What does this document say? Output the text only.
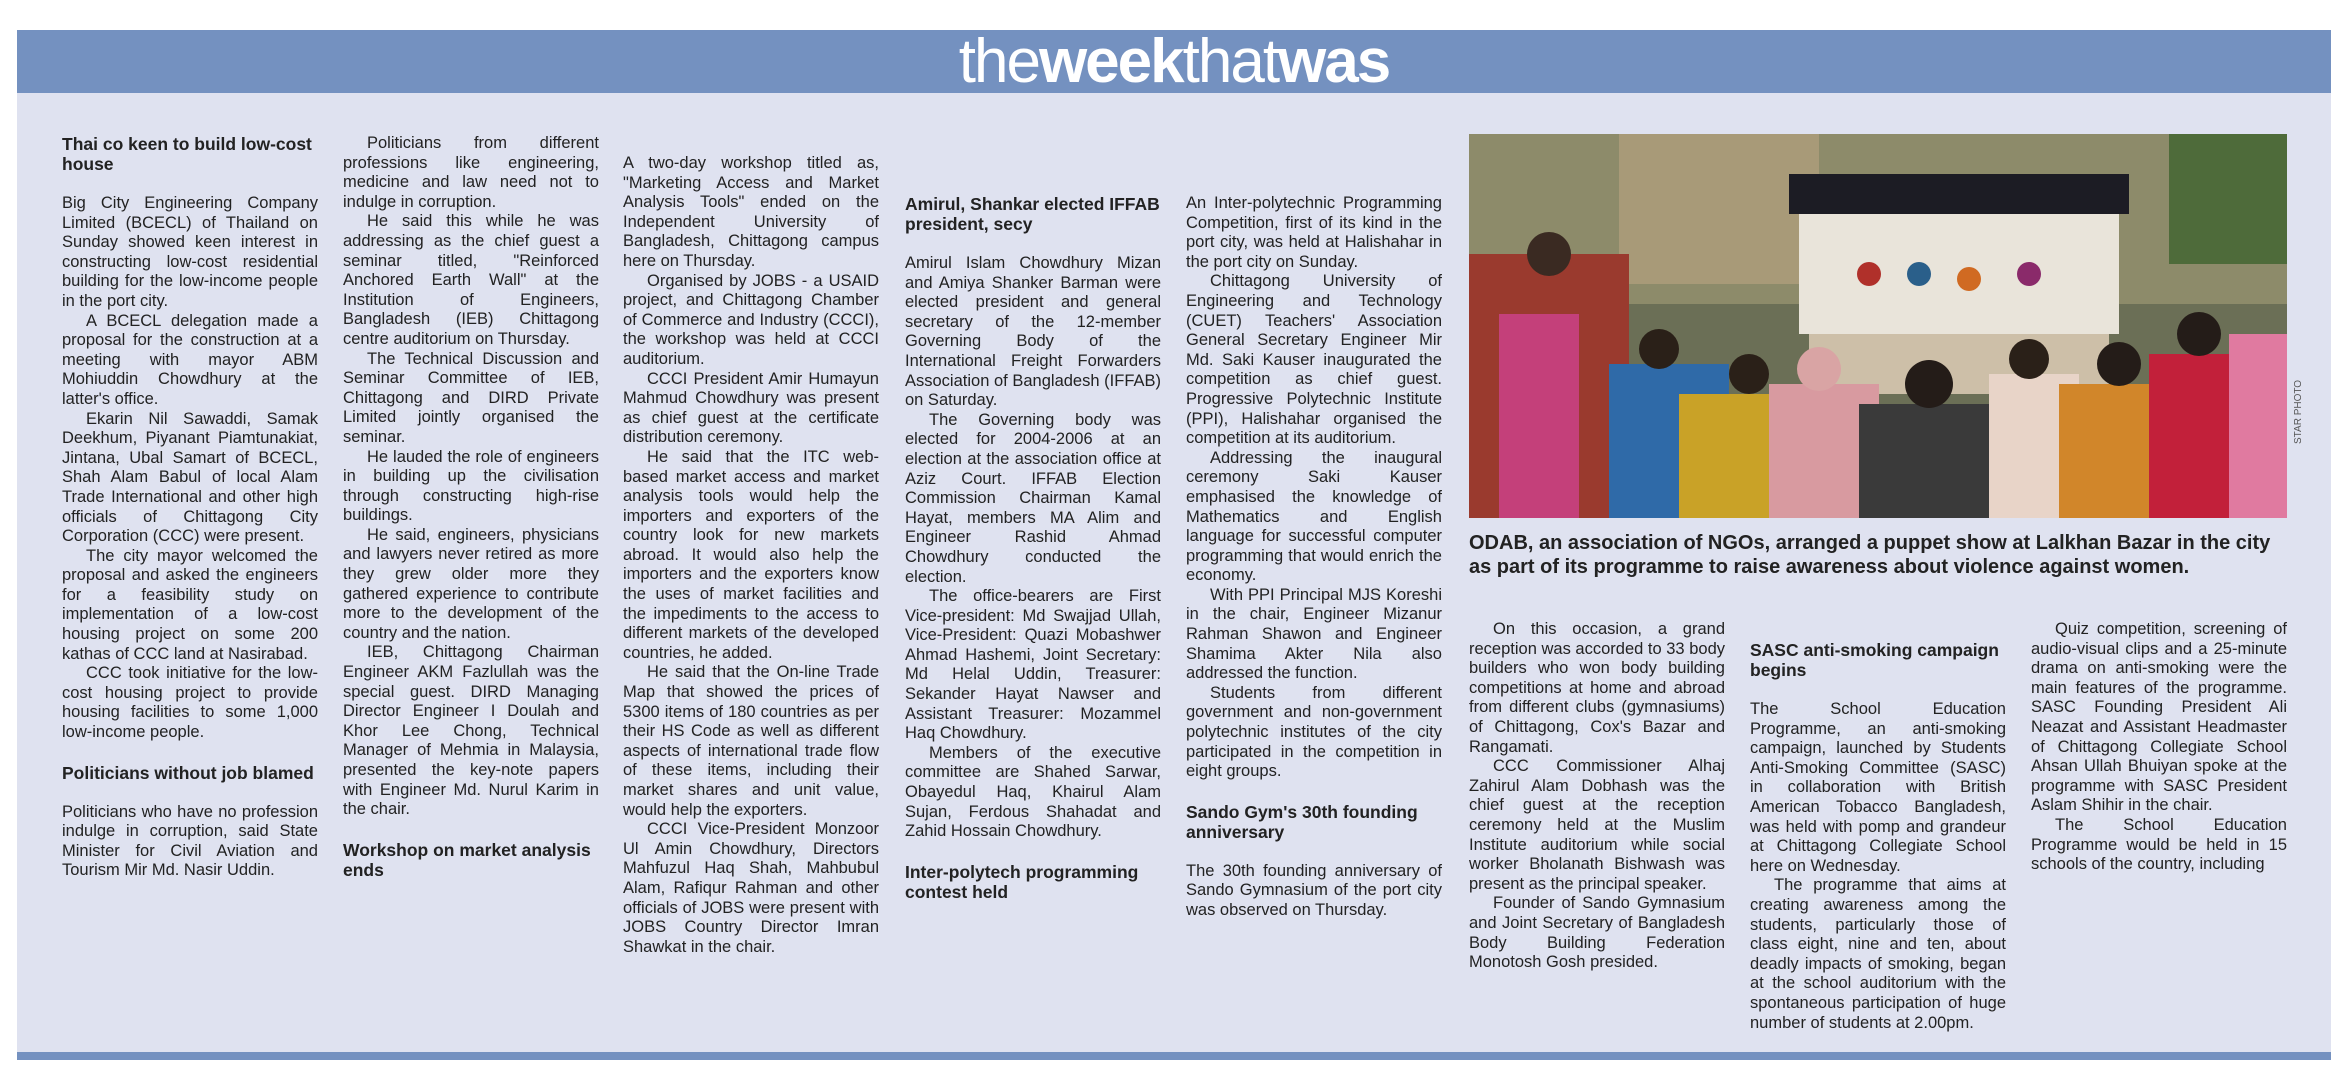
theweekthatwas
Thai co keen to build low-cost house

Big City Engineering Company Limited (BCECL) of Thailand on Sunday showed keen interest in constructing low-cost residential building for the low-income people in the port city.

A BCECL delegation made a proposal for the construction at a meeting with mayor ABM Mohiuddin Chowdhury at the latter's office.

Ekarin Nil Sawaddi, Samak Deekhum, Piyanant Piamtunakiat, Jintana, Ubal Samart of BCECL, Shah Alam Babul of local Alam Trade International and other high officials of Chittagong City Corporation (CCC) were present.

The city mayor welcomed the proposal and asked the engineers for a feasibility study on implementation of a low-cost housing project on some 200 kathas of CCC land at Nasirabad.

CCC took initiative for the low-cost housing project to provide housing facilities to some 1,000 low-income people.

Politicians without job blamed

Politicians who have no profession indulge in corruption, said State Minister for Civil Aviation and Tourism Mir Md. Nasir Uddin.

Politicians from different professions like engineering, medicine and law need not to indulge in corruption.

He said this while he was addressing as the chief guest a seminar titled, "Reinforced Anchored Earth Wall" at the Institution of Engineers, Bangladesh (IEB) Chittagong centre auditorium on Thursday.

The Technical Discussion and Seminar Committee of IEB, Chittagong and DIRD Private Limited jointly organised the seminar.

He lauded the role of engineers in building up the civilisation through constructing high-rise buildings.

He said, engineers, physicians and lawyers never retired as more they grew older more they gathered experience to contribute more to the development of the country and the nation.

IEB, Chittagong Chairman Engineer AKM Fazlullah was the special guest. DIRD Managing Director Engineer I Doulah and Khor Lee Chong, Technical Manager of Mehmia in Malaysia, presented the key-note papers with Engineer Md. Nurul Karim in the chair.

Workshop on market analysis ends

A two-day workshop titled as, "Marketing Access and Market Analysis Tools" ended on the Independent University of Bangladesh, Chittagong campus here on Thursday.

Organised by JOBS - a USAID project, and Chittagong Chamber of Commerce and Industry (CCCI), the workshop was held at CCCI auditorium.

CCCI President Amir Humayun Mahmud Chowdhury was present as chief guest at the certificate distribution ceremony.

He said that the ITC web-based market access and market analysis tools would help the importers and exporters of the country look for new markets abroad. It would also help the importers and the exporters know the uses of market facilities and the impediments to the access to different markets of the developed countries, he added.

He said that the On-line Trade Map that showed the prices of 5300 items of 180 countries as per their HS Code as well as different aspects of international trade flow of these items, including their market shares and unit value, would help the exporters.

CCCI Vice-President Monzoor Ul Amin Chowdhury, Directors Mahfuzul Haq Shah, Mahbubul Alam, Rafiqur Rahman and other officials of JOBS were present with JOBS Country Director Imran Shawkat in the chair.

Amirul, Shankar elected IFFAB president, secy

Amirul Islam Chowdhury Mizan and Amiya Shanker Barman were elected president and general secretary of the 12-member Governing Body of the International Freight Forwarders Association of Bangladesh (IFFAB) on Saturday.

The Governing body was elected for 2004-2006 at an election at the association office at Aziz Court. IFFAB Election Commission Chairman Kamal Hayat, members MA Alim and Engineer Rashid Ahmad Chowdhury conducted the election.

The office-bearers are First Vice-president: Md Swajjad Ullah, Vice-President: Quazi Mobashwer Ahmad Hashemi, Joint Secretary: Md Helal Uddin, Treasurer: Sekander Hayat Nawser and Assistant Treasurer: Mozammel Haq Chowdhury.

Members of the executive committee are Shahed Sarwar, Obayedul Haq, Khairul Alam Sujan, Ferdous Shahadat and Zahid Hossain Chowdhury.

Inter-polytech programming contest held

An Inter-polytechnic Programming Competition, first of its kind in the port city, was held at Halishahar in the port city on Sunday.

Chittagong University of Engineering and Technology (CUET) Teachers' Association General Secretary Engineer Mir Md. Saki Kauser inaugurated the competition as chief guest. Progressive Polytechnic Institute (PPI), Halishahar organised the competition at its auditorium.

Addressing the inaugural ceremony Saki Kauser emphasised the knowledge of Mathematics and English language for successful computer programming that would enrich the economy.

With PPI Principal MJS Koreshi in the chair, Engineer Mizanur Rahman Shawon and Engineer Shamima Akter Nila also addressed the function.

Students from different government and non-government polytechnic institutes of the city participated in the competition in eight groups.

Sando Gym's 30th founding anniversary

The 30th founding anniversary of Sando Gymnasium of the port city was observed on Thursday.

STAR PHOTO
ODAB, an association of NGOs, arranged a puppet show at Lalkhan Bazar in the city as part of its programme to raise awareness about violence against women.

On this occasion, a grand reception was accorded to 33 body builders who won body building competitions at home and abroad from different clubs (gymnasiums) of Chittagong, Cox's Bazar and Rangamati.

CCC Commissioner Alhaj Zahirul Alam Dobhash was the chief guest at the reception ceremony held at the Muslim Institute auditorium while social worker Bholanath Bishwash was present as the principal speaker.

Founder of Sando Gymnasium and Joint Secretary of Bangladesh Body Building Federation Monotosh Gosh presided.

SASC anti-smoking campaign begins

The School Education Programme, an anti-smoking campaign, launched by Students Anti-Smoking Committee (SASC) in collaboration with British American Tobacco Bangladesh, was held with pomp and grandeur at Chittagong Collegiate School here on Wednesday.

The programme that aims at creating awareness among the students, particularly those of class eight, nine and ten, about deadly impacts of smoking, began at the school auditorium with the spontaneous participation of huge number of students at 2.00pm.

Quiz competition, screening of audio-visual clips and a 25-minute drama on anti-smoking were the main features of the programme. SASC Founding President Ali Neazat and Assistant Headmaster of Chittagong Collegiate School Ahsan Ullah Bhuiyan spoke at the programme with SASC President Aslam Shihir in the chair.

The School Education Programme would be held in 15 schools of the country, including
